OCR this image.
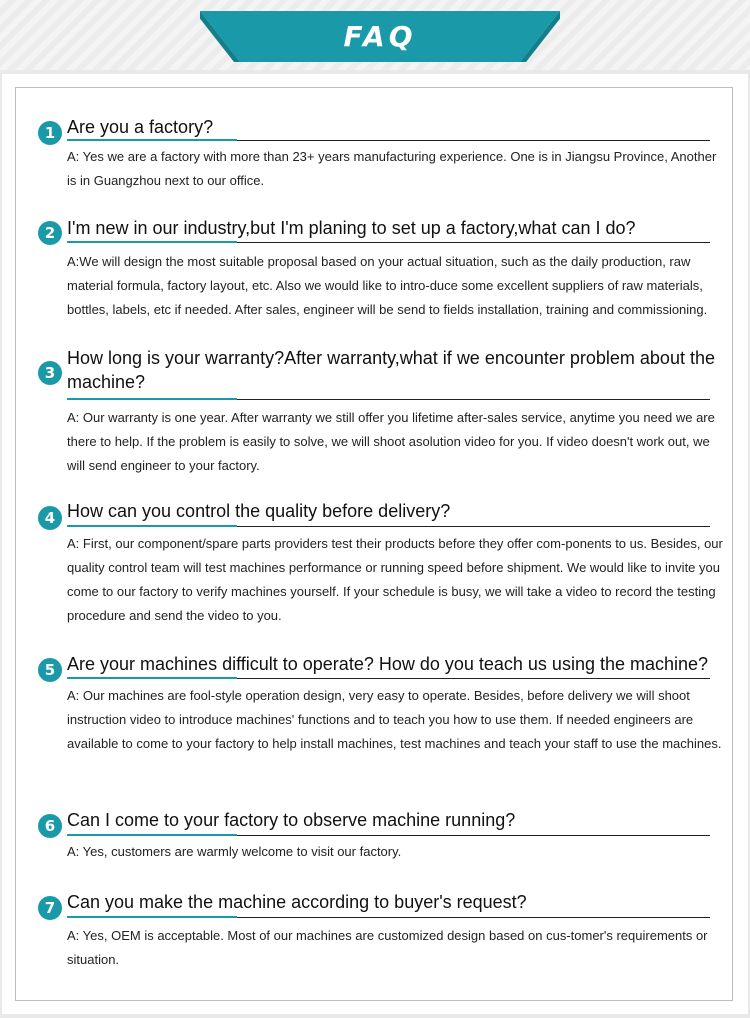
FAQ
1 Are you a factory?
A: Yes we are a factory with more than 23+ years manufacturing experience. One is in Jiangsu Province, Another is in Guangzhou next to our office.
2 I'm new in our industry,but I'm planing to set up a factory,what can I do?
A:We will design the most suitable proposal based on your actual situation, such as the daily production, raw material formula, factory layout, etc. Also we would like to intro-duce some excellent suppliers of raw materials, bottles, labels, etc if needed. After sales, engineer will be send to fields installation, training and commissioning.
3
How long is your warranty?After warranty,what if we encounter problem about the machine?
A: Our warranty is one year. After warranty we still offer you lifetime after-sales service, anytime you need we are there to help. If the problem is easily to solve, we will shoot asolution video for you. If video doesn't work out, we will send engineer to your factory.
4 How can you control the quality before delivery?
A: First, our component/spare parts providers test their products before they offer com-ponents to us. Besides, our quality control team will test machines performance or running speed before shipment. We would like to invite you come to our factory to verify machines yourself. If your schedule is busy, we will take a video to record the testing procedure and send the video to you.
5 Are your machines difficult to operate? How do you teach us using the machine?
A: Our machines are fool-style operation design, very easy to operate. Besides, before delivery we will shoot instruction video to introduce machines' functions and to teach you how to use them. If needed engineers are available to come to your factory to help install machines, test machines and teach your staff to use the machines.
6 Can I come to your factory to observe machine running?
A: Yes, customers are warmly welcome to visit our factory.
7 Can you make the machine according to buyer's request?
A: Yes, OEM is acceptable. Most of our machines are customized design based on cus-tomer's requirements or situation.
